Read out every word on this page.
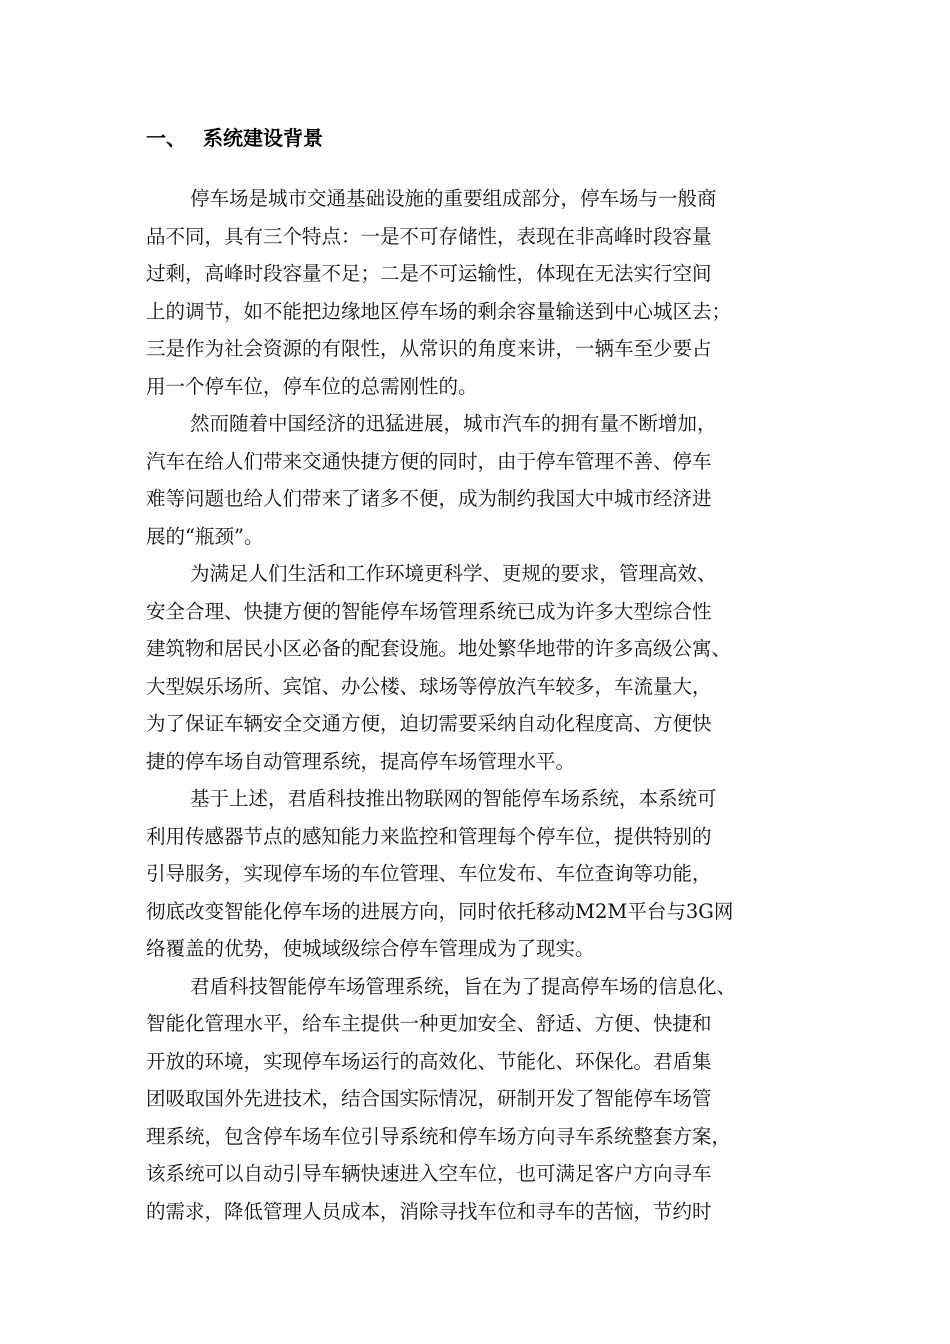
一、 系统建设背景
停车场是城市交通基础设施的重要组成部分，停车场与一般商
品不同，具有三个特点：一是不可存储性，表现在非高峰时段容量
过剩，高峰时段容量不足；二是不可运输性，体现在无法实行空间
上的调节，如不能把边缘地区停车场的剩余容量输送到中心城区去；
三是作为社会资源的有限性，从常识的角度来讲，一辆车至少要占
用一个停车位，停车位的总需刚性的。
然而随着中国经济的迅猛进展，城市汽车的拥有量不断增加，
汽车在给人们带来交通快捷方便的同时，由于停车管理不善、停车
难等问题也给人们带来了诸多不便，成为制约我国大中城市经济进
展的“瓶颈”。
为满足人们生活和工作环境更科学、更规的要求，管理高效、
安全合理、快捷方便的智能停车场管理系统已成为许多大型综合性
建筑物和居民小区必备的配套设施。地处繁华地带的许多高级公寓、
大型娱乐场所、宾馆、办公楼、球场等停放汽车较多，车流量大，
为了保证车辆安全交通方便，迫切需要采纳自动化程度高、方便快
捷的停车场自动管理系统，提高停车场管理水平。
基于上述，君盾科技推出物联网的智能停车场系统，本系统可
利用传感器节点的感知能力来监控和管理每个停车位，提供特别的
引导服务，实现停车场的车位管理、车位发布、车位查询等功能，
彻底改变智能化停车场的进展方向，同时依托移动M2M平台与3G网
络覆盖的优势，使城域级综合停车管理成为了现实。
君盾科技智能停车场管理系统，旨在为了提高停车场的信息化、
智能化管理水平，给车主提供一种更加安全、舒适、方便、快捷和
开放的环境，实现停车场运行的高效化、节能化、环保化。君盾集
团吸取国外先进技术，结合国实际情况，研制开发了智能停车场管
理系统，包含停车场车位引导系统和停车场方向寻车系统整套方案，
该系统可以自动引导车辆快速进入空车位，也可满足客户方向寻车
的需求，降低管理人员成本，消除寻找车位和寻车的苦恼，节约时
